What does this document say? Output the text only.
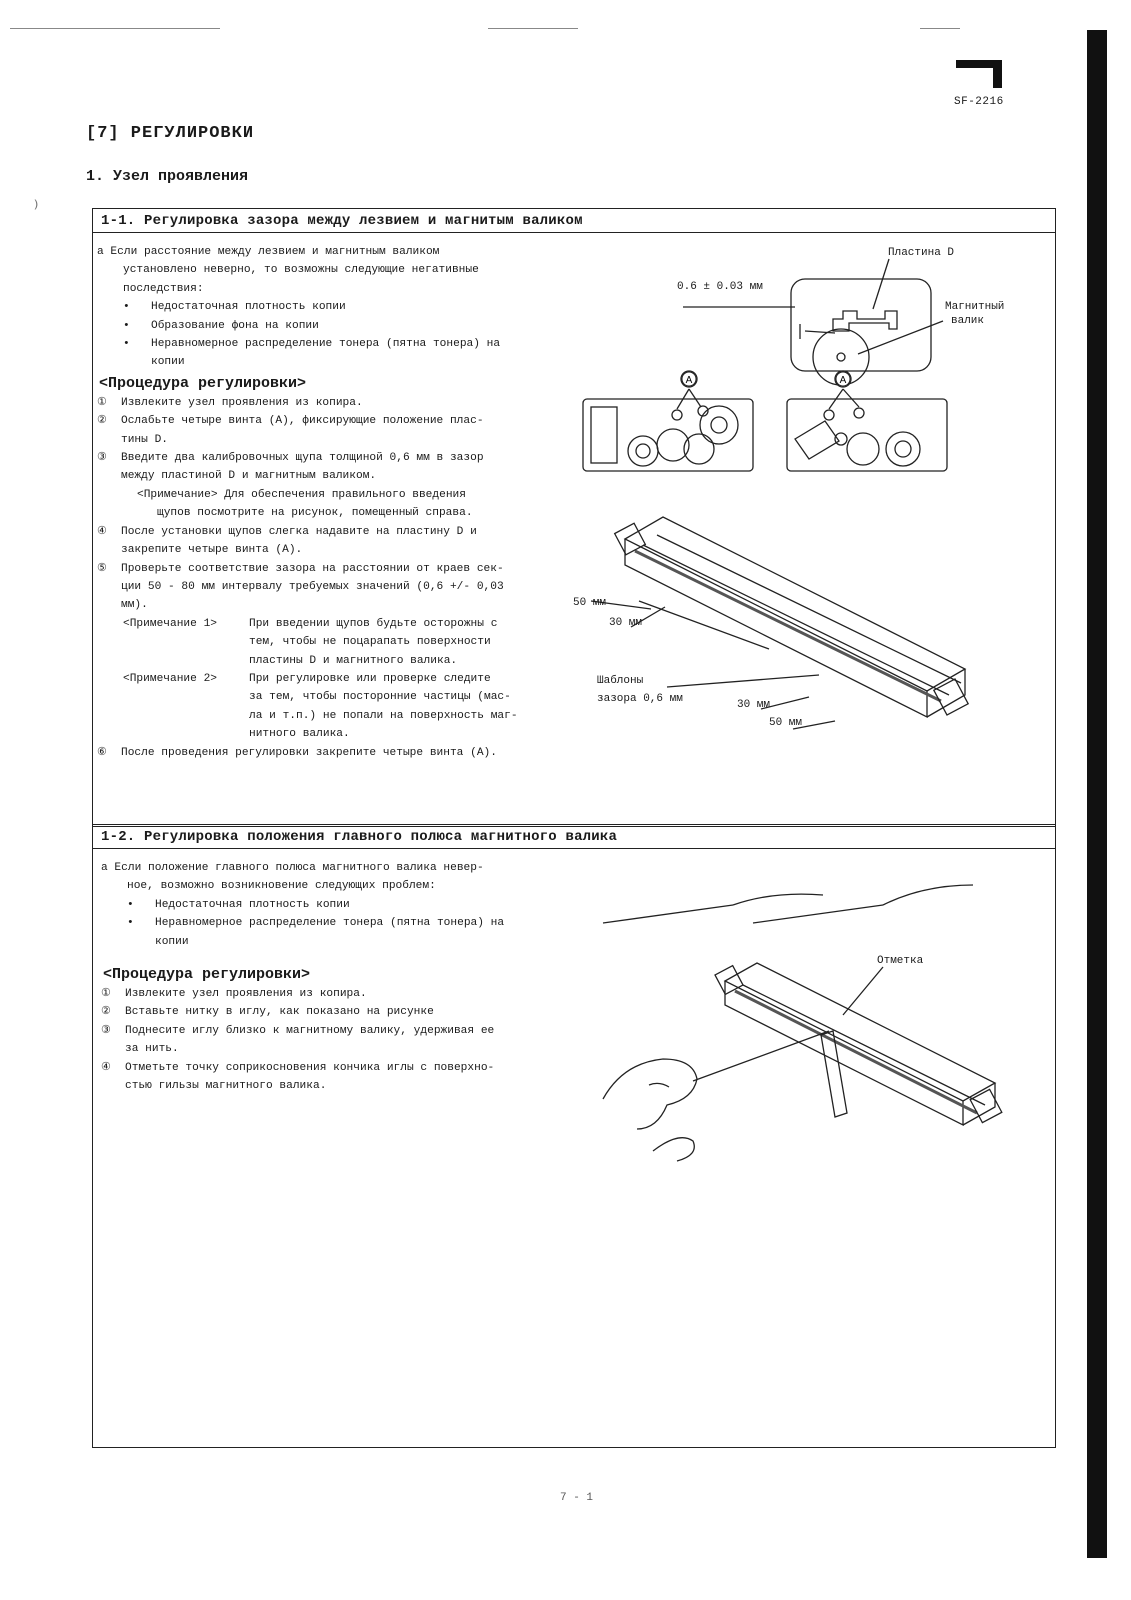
⁾
SF-2216
[7] РЕГУЛИРОВКИ
1. Узел проявления
1-1. Регулировка зазора между лезвием и магнитым валиком
а Если расстояние между лезвием и магнитным валиком
установлено неверно, то возможны следующие негативные
последствия:
•	Недостаточная плотность копии
•	Образование фона на копии
•	Неравномерное распределение тонера (пятна тонера) на
копии
<Процедура регулировки>
①	Извлеките узел проявления из копира.
②	Ослабьте четыре винта (A), фиксирующие положение плас-
тины D.
③	Введите два калибровочных щупа толщиной 0,6 мм в зазор
между пластиной D и магнитным валиком.
<Примечание> Для обеспечения правильного введения
щупов посмотрите на рисунок, помещенный справа.
④	После установки щупов слегка надавите на пластину D и
закрепите четыре винта (A).
⑤	Проверьте соответствие зазора на расстоянии от краев сек-
ции 50 - 80 мм интервалу требуемых значений (0,6 +/- 0,03
мм).
<Примечание 1>	При введении щупов будьте осторожны с
тем, чтобы не поцарапать поверхности
пластины D и магнитного валика.
<Примечание 2>	При регулировке или проверке следите
за тем, чтобы посторонние частицы (мас-
ла и т.п.) не попали на поверхность маг-
нитного валика.
⑥	После проведения регулировки закрепите четыре винта (A).
A	A
Пластина D
0.6 ± 0.03 мм
Магнитный
валик
50 мм
30 мм
Шаблоны
зазора 0,6 мм	30 мм
50 мм
1-2. Регулировка положения главного полюса магнитного валика
а Если положение главного полюса магнитного валика невер-
ное, возможно возникновение следующих проблем:
•	Недостаточная плотность копии
•	Неравномерное распределение тонера (пятна тонера) на
копии
<Процедура регулировки>
①	Извлеките узел проявления из копира.
②	Вставьте нитку в иглу, как показано на рисунке
③	Поднесите иглу близко к магнитному валику, удерживая ее
за нить.
④	Отметьте точку соприкосновения кончика иглы с поверхно-
стью гильзы магнитного валика.
Отметка
7 - 1
